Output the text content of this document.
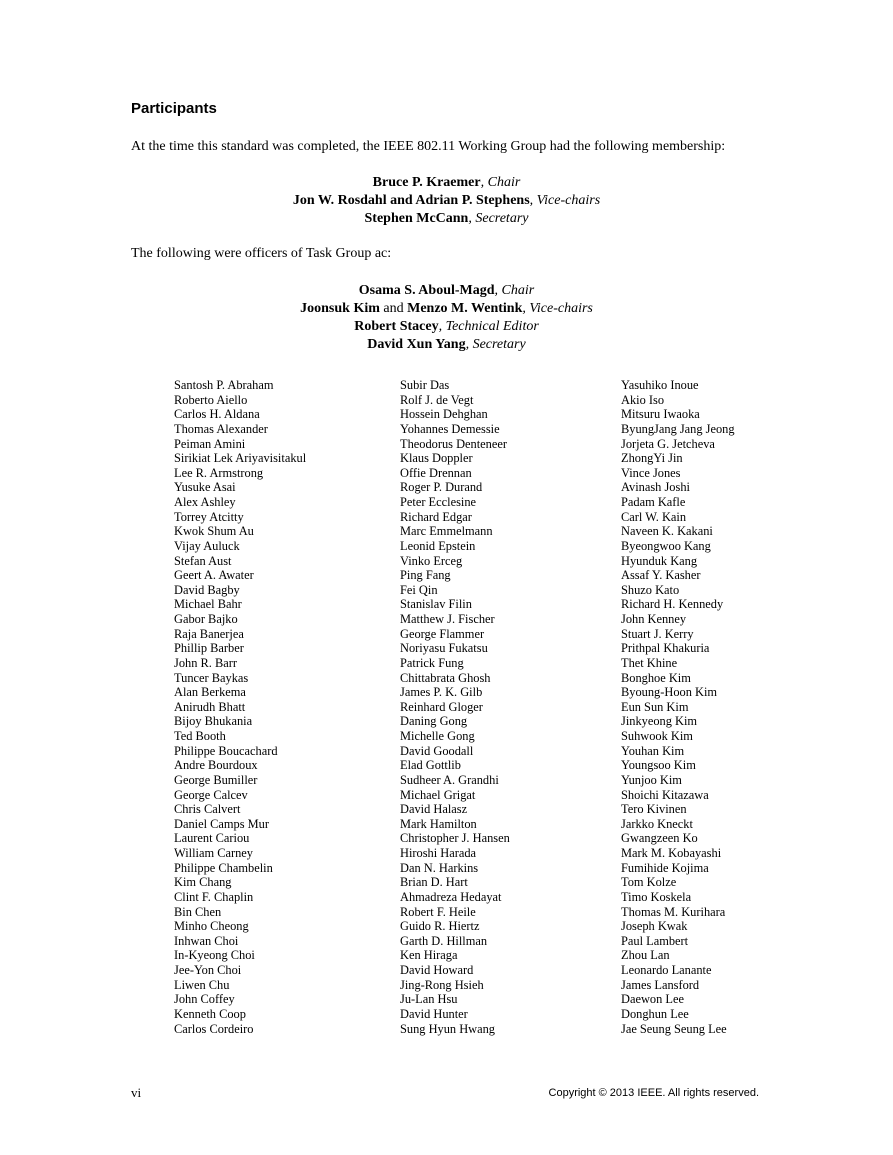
Participants
At the time this standard was completed, the IEEE 802.11 Working Group had the following membership:
Bruce P. Kraemer, Chair
Jon W. Rosdahl and Adrian P. Stephens, Vice-chairs
Stephen McCann, Secretary
The following were officers of Task Group ac:
Osama S. Aboul-Magd, Chair
Joonsuk Kim and Menzo M. Wentink, Vice-chairs
Robert Stacey, Technical Editor
David Xun Yang, Secretary
Santosh P. Abraham
Roberto Aiello
Carlos H. Aldana
Thomas Alexander
Peiman Amini
Sirikiat Lek Ariyavisitakul
Lee R. Armstrong
Yusuke Asai
Alex Ashley
Torrey Atcitty
Kwok Shum Au
Vijay Auluck
Stefan Aust
Geert A. Awater
David Bagby
Michael Bahr
Gabor Bajko
Raja Banerjea
Phillip Barber
John R. Barr
Tuncer Baykas
Alan Berkema
Anirudh Bhatt
Bijoy Bhukania
Ted Booth
Philippe Boucachard
Andre Bourdoux
George Bumiller
George Calcev
Chris Calvert
Daniel Camps Mur
Laurent Cariou
William Carney
Philippe Chambelin
Kim Chang
Clint F. Chaplin
Bin Chen
Minho Cheong
Inhwan Choi
In-Kyeong Choi
Jee-Yon Choi
Liwen Chu
John Coffey
Kenneth Coop
Carlos Cordeiro
Subir Das
Rolf J. de Vegt
Hossein Dehghan
Yohannes Demessie
Theodorus Denteneer
Klaus Doppler
Offie Drennan
Roger P. Durand
Peter Ecclesine
Richard Edgar
Marc Emmelmann
Leonid Epstein
Vinko Erceg
Ping Fang
Fei Qin
Stanislav Filin
Matthew J. Fischer
George Flammer
Noriyasu Fukatsu
Patrick Fung
Chittabrata Ghosh
James P. K. Gilb
Reinhard Gloger
Daning Gong
Michelle Gong
David Goodall
Elad Gottlib
Sudheer A. Grandhi
Michael Grigat
David Halasz
Mark Hamilton
Christopher J. Hansen
Hiroshi Harada
Dan N. Harkins
Brian D. Hart
Ahmadreza Hedayat
Robert F. Heile
Guido R. Hiertz
Garth D. Hillman
Ken Hiraga
David Howard
Jing-Rong Hsieh
Ju-Lan Hsu
David Hunter
Sung Hyun Hwang
Yasuhiko Inoue
Akio Iso
Mitsuru Iwaoka
ByungJang Jang Jeong
Jorjeta G. Jetcheva
ZhongYi Jin
Vince Jones
Avinash Joshi
Padam Kafle
Carl W. Kain
Naveen K. Kakani
Byeongwoo Kang
Hyunduk Kang
Assaf Y. Kasher
Shuzo Kato
Richard H. Kennedy
John Kenney
Stuart J. Kerry
Prithpal Khakuria
Thet Khine
Bonghoe Kim
Byoung-Hoon Kim
Eun Sun Kim
Jinkyeong Kim
Suhwook Kim
Youhan Kim
Youngsoo Kim
Yunjoo Kim
Shoichi Kitazawa
Tero Kivinen
Jarkko Kneckt
Gwangzeen Ko
Mark M. Kobayashi
Fumihide Kojima
Tom Kolze
Timo Koskela
Thomas M. Kurihara
Joseph Kwak
Paul Lambert
Zhou Lan
Leonardo Lanante
James Lansford
Daewon Lee
Donghun Lee
Jae Seung Seung Lee
vi	Copyright © 2013 IEEE. All rights reserved.
